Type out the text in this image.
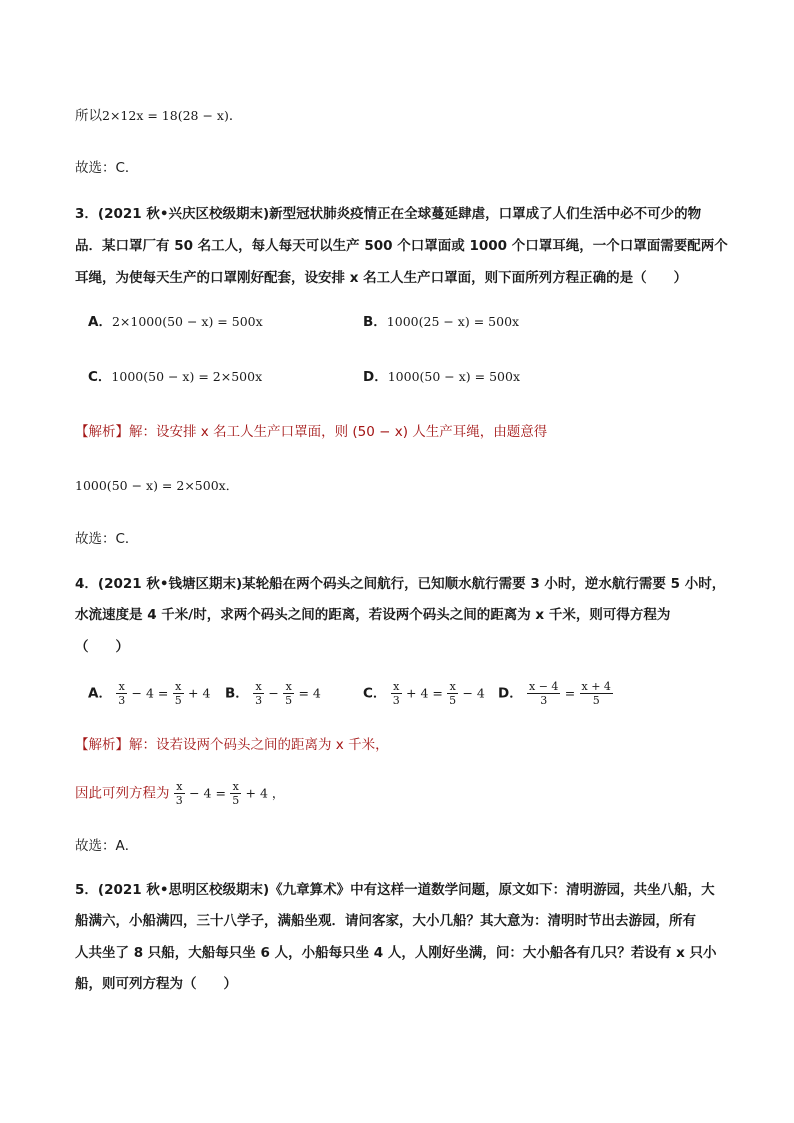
所以2×12x = 18(28 − x)．
故选：C．
3．(2021 秋•兴庆区校级期末)新型冠状肺炎疫情正在全球蔓延肆虐，口罩成了人们生活中必不可少的物
品．某口罩厂有 50 名工人，每人每天可以生产 500 个口罩面或 1000 个口罩耳绳，一个口罩面需要配两个
耳绳，为使每天生产的口罩刚好配套，设安排 x 名工人生产口罩面，则下面所列方程正确的是（　　）
A．2×1000(50 − x) = 500x	B．1000(25 − x) = 500x
C．1000(50 − x) = 2×500x	D．1000(50 − x) = 500x
【解析】解：设安排 x 名工人生产口罩面，则 (50 − x) 人生产耳绳，由题意得
1000(50 − x) = 2×500x．
故选：C．
4．(2021 秋•钱塘区期末)某轮船在两个码头之间航行，已知顺水航行需要 3 小时，逆水航行需要 5 小时，
水流速度是 4 千米/时，求两个码头之间的距离，若设两个码头之间的距离为 x 千米，则可得方程为
（　　）
A． $\frac{x}{3} - 4 = \frac{x}{5} + 4$ B． $\frac{x}{3} - \frac{x}{5} = 4$	C． $\frac{x}{3} + 4 = \frac{x}{5} - 4$ D． $\frac{x - 4}{3} = \frac{x + 4}{5}$
【解析】解：设若设两个码头之间的距离为 x 千米，
因此可列方程为 $\frac{x}{3} - 4 = \frac{x}{5} + 4$ ，
故选：A．
5．(2021 秋•思明区校级期末)《九章算术》中有这样一道数学问题，原文如下：清明游园，共坐八船，大
船满六，小船满四，三十八学子，满船坐观．请问客家，大小几船？其大意为：清明时节出去游园，所有
人共坐了 8 只船，大船每只坐 6 人，小船每只坐 4 人，人刚好坐满，问：大小船各有几只？若设有 x 只小
船，则可列方程为（　　）
